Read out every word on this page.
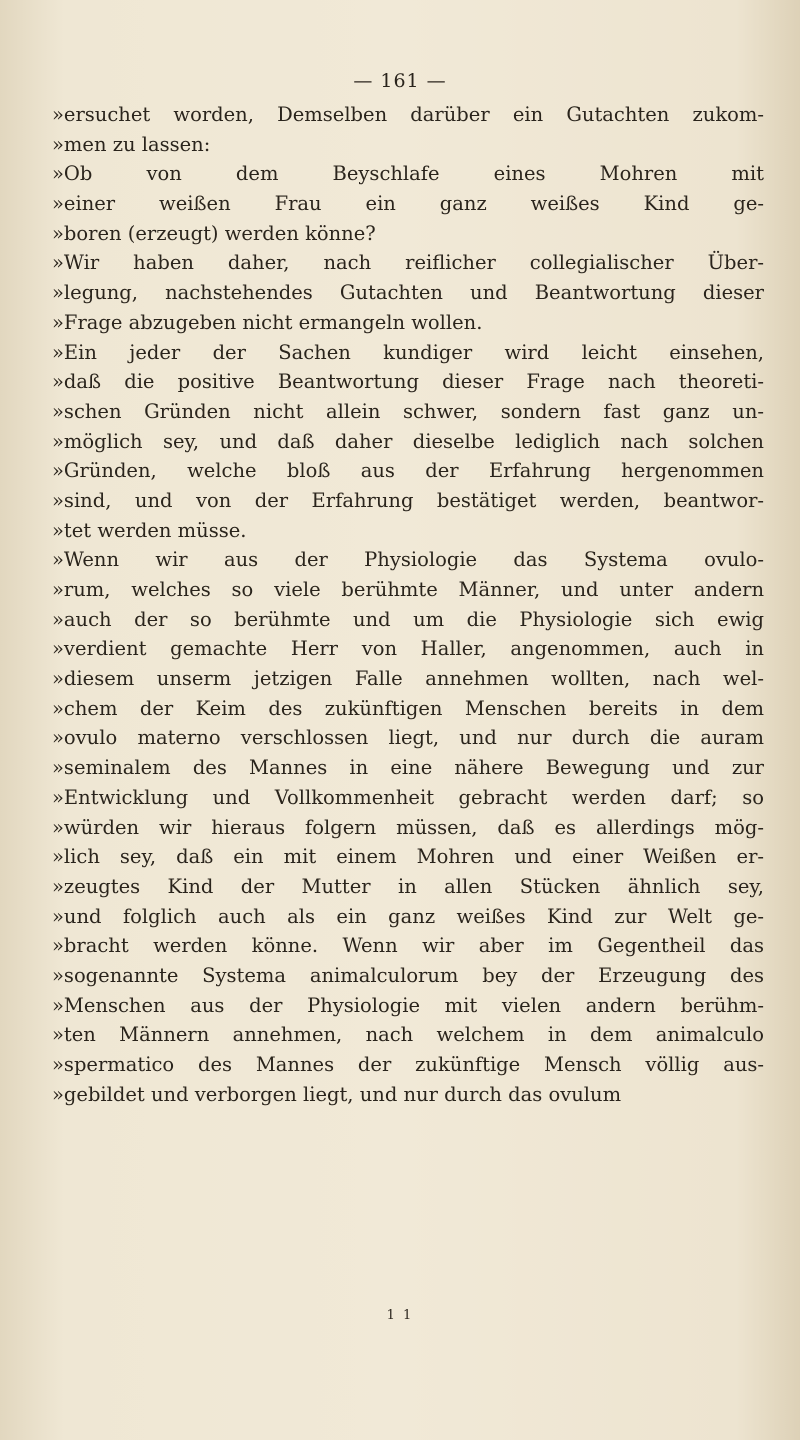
— 161 —
»ersuchet worden, Demselben darüber ein Gutachten zukom-
»men zu lassen:
»Ob von dem Beyschlafe eines Mohren mit
»einer weißen Frau ein ganz weißes Kind ge-
»boren (erzeugt) werden könne?
»Wir haben daher, nach reiflicher collegialischer Über-
»legung, nachstehendes Gutachten und Beantwortung dieser
»Frage abzugeben nicht ermangeln wollen.
»Ein jeder der Sachen kundiger wird leicht einsehen,
»daß die positive Beantwortung dieser Frage nach theoreti-
»schen Gründen nicht allein schwer, sondern fast ganz un-
»möglich sey, und daß daher dieselbe lediglich nach solchen
»Gründen, welche bloß aus der Erfahrung hergenommen
»sind, und von der Erfahrung bestätiget werden, beantwor-
»tet werden müsse.
»Wenn wir aus der Physiologie das Systema ovulo-
»rum, welches so viele berühmte Männer, und unter andern
»auch der so berühmte und um die Physiologie sich ewig
»verdient gemachte Herr von Haller, angenommen, auch in
»diesem unserm jetzigen Falle annehmen wollten, nach wel-
»chem der Keim des zukünftigen Menschen bereits in dem
»ovulo materno verschlossen liegt, und nur durch die auram
»seminalem des Mannes in eine nähere Bewegung und zur
»Entwicklung und Vollkommenheit gebracht werden darf; so
»würden wir hieraus folgern müssen, daß es allerdings mög-
»lich sey, daß ein mit einem Mohren und einer Weißen er-
»zeugtes Kind der Mutter in allen Stücken ähnlich sey,
»und folglich auch als ein ganz weißes Kind zur Welt ge-
»bracht werden könne. Wenn wir aber im Gegentheil das
»sogenannte Systema animalculorum bey der Erzeugung des
»Menschen aus der Physiologie mit vielen andern berühm-
»ten Männern annehmen, nach welchem in dem animalculo
»spermatico des Mannes der zukünftige Mensch völlig aus-
»gebildet und verborgen liegt, und nur durch das ovulum
1 1
